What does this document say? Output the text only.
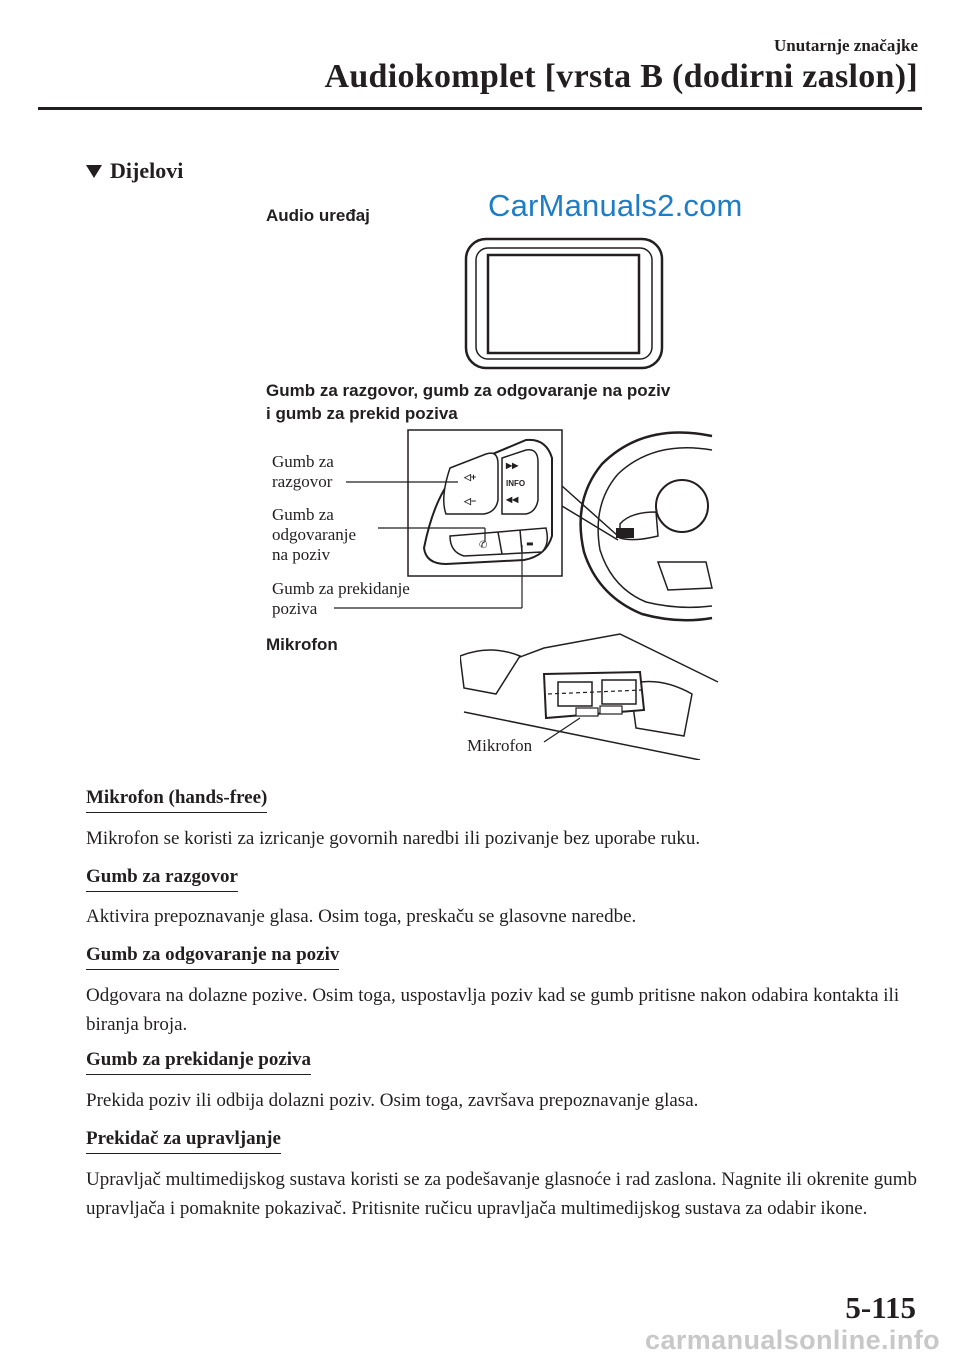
Unutarnje značajke
Audiokomplet [vrsta B (dodirni zaslon)]
Dijelovi
Audio uređaj	CarManuals2.com
Gumb za razgovor, gumb za odgovaranje na poziv
i gumb za prekid poziva
◁+
◁−
▶▶
INFO
◀◀
✆	▬
Gumb za
razgovor
Gumb za
odgovaranje
na poziv
Gumb za prekidanje
poziva
Mikrofon
Mikrofon
Mikrofon (hands-free)
Mikrofon se koristi za izricanje govornih naredbi ili pozivanje bez uporabe ruku.
Gumb za razgovor
Aktivira prepoznavanje glasa. Osim toga, preskaču se glasovne naredbe.
Gumb za odgovaranje na poziv
Odgovara na dolazne pozive. Osim toga, uspostavlja poziv kad se gumb pritisne nakon odabira kontakta ili biranja broja.
Gumb za prekidanje poziva
Prekida poziv ili odbija dolazni poziv. Osim toga, završava prepoznavanje glasa.
Prekidač za upravljanje
Upravljač multimedijskog sustava koristi se za podešavanje glasnoće i rad zaslona. Nagnite ili okrenite gumb upravljača i pomaknite pokazivač. Pritisnite ručicu upravljača multimedijskog sustava za odabir ikone.
5-115
carmanualsonline.info
